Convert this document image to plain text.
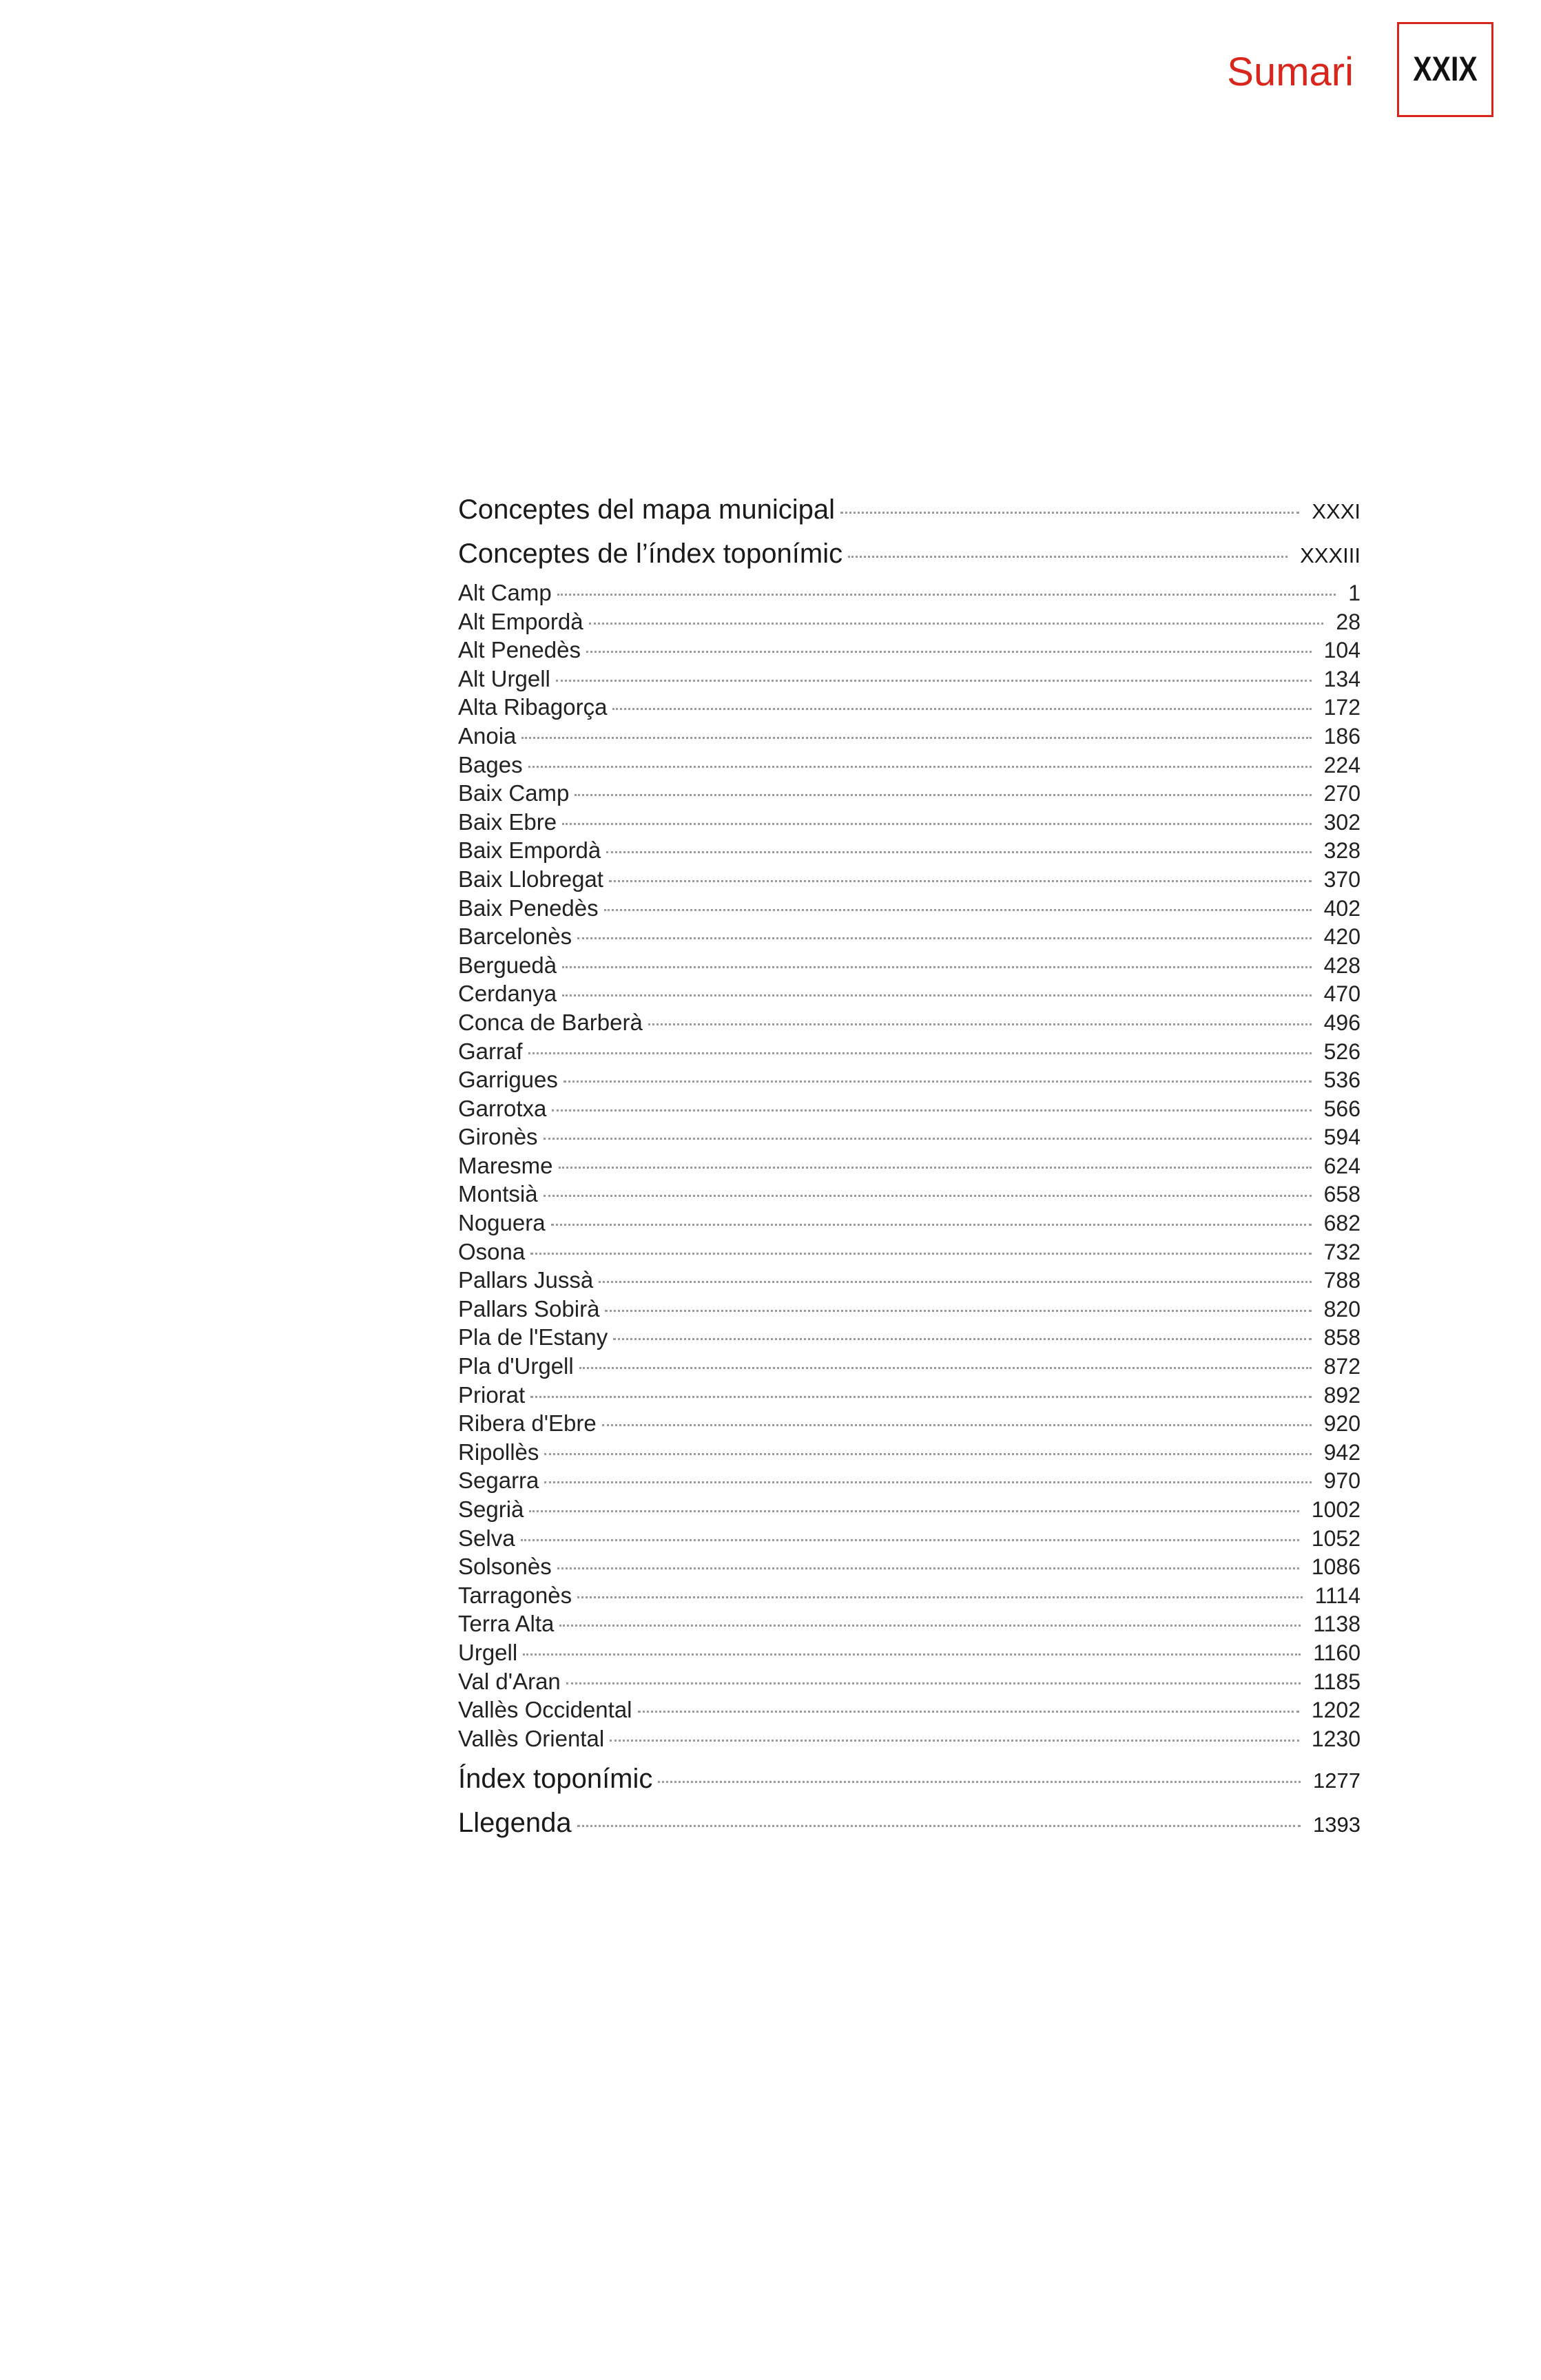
Sumari XXIX
Conceptes del mapa municipal	XXXI
Conceptes de l’índex toponímic	XXXIII
Alt Camp	1
Alt Empordà	28
Alt Penedès	104
Alt Urgell	134
Alta Ribagorça	172
Anoia	186
Bages	224
Baix Camp	270
Baix Ebre	302
Baix Empordà	328
Baix Llobregat	370
Baix Penedès	402
Barcelonès	420
Berguedà	428
Cerdanya	470
Conca de Barberà	496
Garraf	526
Garrigues	536
Garrotxa	566
Gironès	594
Maresme	624
Montsià	658
Noguera	682
Osona	732
Pallars Jussà	788
Pallars Sobirà	820
Pla de l'Estany	858
Pla d'Urgell	872
Priorat	892
Ribera d'Ebre	920
Ripollès	942
Segarra	970
Segrià	1002
Selva	1052
Solsonès	1086
Tarragonès	1114
Terra Alta	1138
Urgell	1160
Val d'Aran	1185
Vallès Occidental	1202
Vallès Oriental	1230
Índex toponímic	1277
Llegenda	1393
